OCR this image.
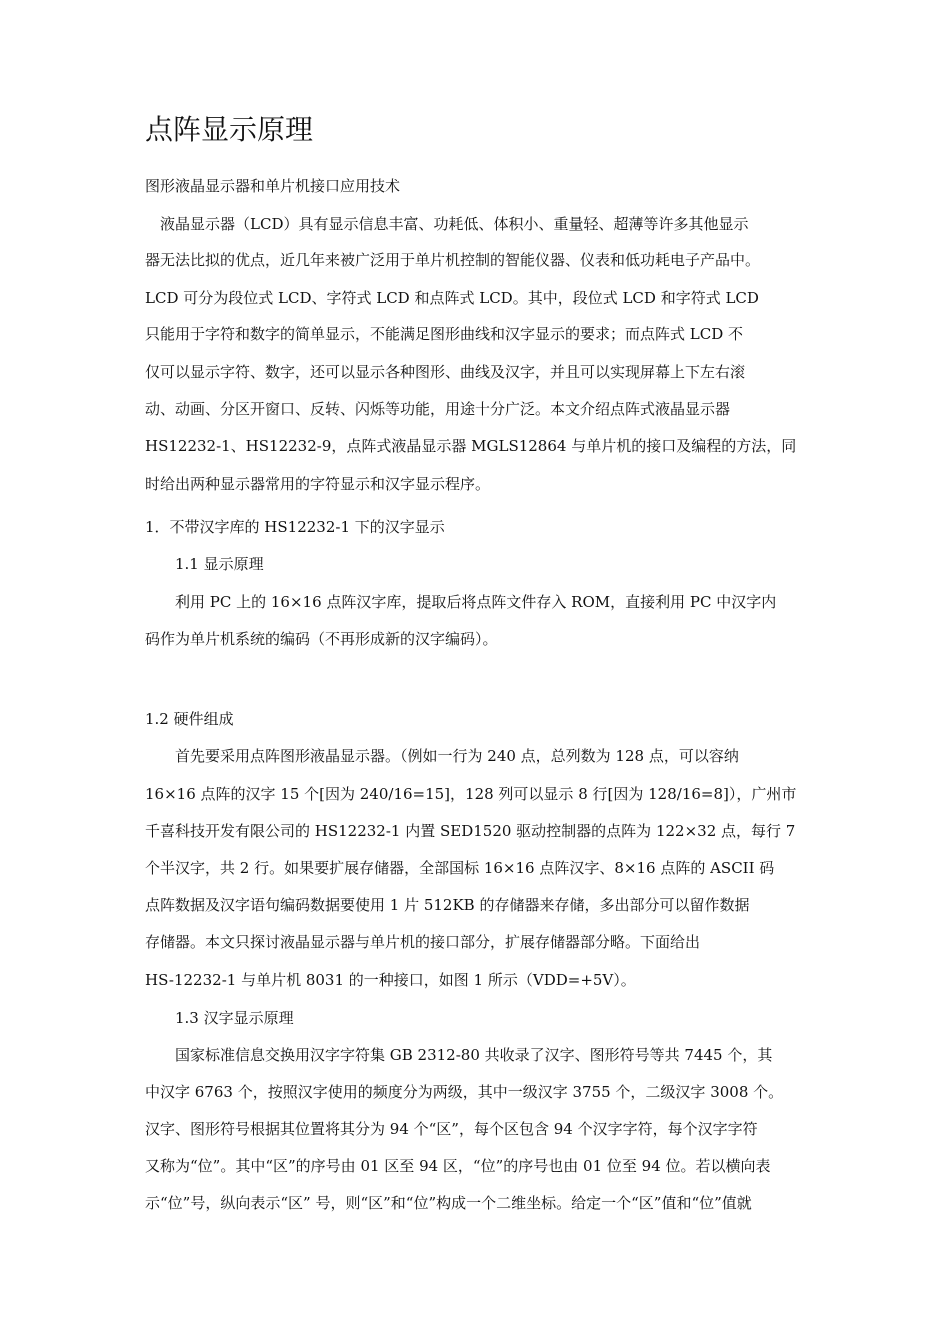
点阵显示原理

图形液晶显示器和单片机接口应用技术

液晶显示器（LCD）具有显示信息丰富、功耗低、体积小、重量轻、超薄等许多其他显示

器无法比拟的优点，近几年来被广泛用于单片机控制的智能仪器、仪表和低功耗电子产品中。

LCD 可分为段位式 LCD、字符式 LCD 和点阵式 LCD。其中，段位式 LCD 和字符式 LCD

只能用于字符和数字的简单显示，不能满足图形曲线和汉字显示的要求；而点阵式 LCD 不

仅可以显示字符、数字，还可以显示各种图形、曲线及汉字，并且可以实现屏幕上下左右滚

动、动画、分区开窗口、反转、闪烁等功能，用途十分广泛。本文介绍点阵式液晶显示器

HS12232-1、HS12232-9，点阵式液晶显示器 MGLS12864 与单片机的接口及编程的方法，同

时给出两种显示器常用的字符显示和汉字显示程序。

1．不带汉字库的 HS12232-1 下的汉字显示

1.1 显示原理

利用 PC 上的 16×16 点阵汉字库，提取后将点阵文件存入 ROM，直接利用 PC 中汉字内

码作为单片机系统的编码（不再形成新的汉字编码）。

1.2 硬件组成

首先要采用点阵图形液晶显示器。（例如一行为 240 点，总列数为 128 点，可以容纳

16×16 点阵的汉字 15 个[因为 240/16=15]，128 列可以显示 8 行[因为 128/16=8]），广州市

千喜科技开发有限公司的 HS12232-1 内置 SED1520 驱动控制器的点阵为 122×32 点，每行 7

个半汉字，共 2 行。如果要扩展存储器，全部国标 16×16 点阵汉字、8×16 点阵的 ASCII 码

点阵数据及汉字语句编码数据要使用 1 片 512KB 的存储器来存储，多出部分可以留作数据

存储器。本文只探讨液晶显示器与单片机的接口部分，扩展存储器部分略。下面给出

HS-12232-1 与单片机 8031 的一种接口，如图 1 所示（VDD=+5V）。

1.3 汉字显示原理

国家标准信息交换用汉字字符集 GB 2312-80 共收录了汉字、图形符号等共 7445 个，其

中汉字 6763 个，按照汉字使用的频度分为两级，其中一级汉字 3755 个，二级汉字 3008 个。

汉字、图形符号根据其位置将其分为 94 个“区”，每个区包含 94 个汉字字符，每个汉字字符

又称为“位”。其中“区”的序号由 01 区至 94 区，“位”的序号也由 01 位至 94 位。若以横向表

示“位”号，纵向表示“区” 号，则“区”和“位”构成一个二维坐标。给定一个“区”值和“位”值就
